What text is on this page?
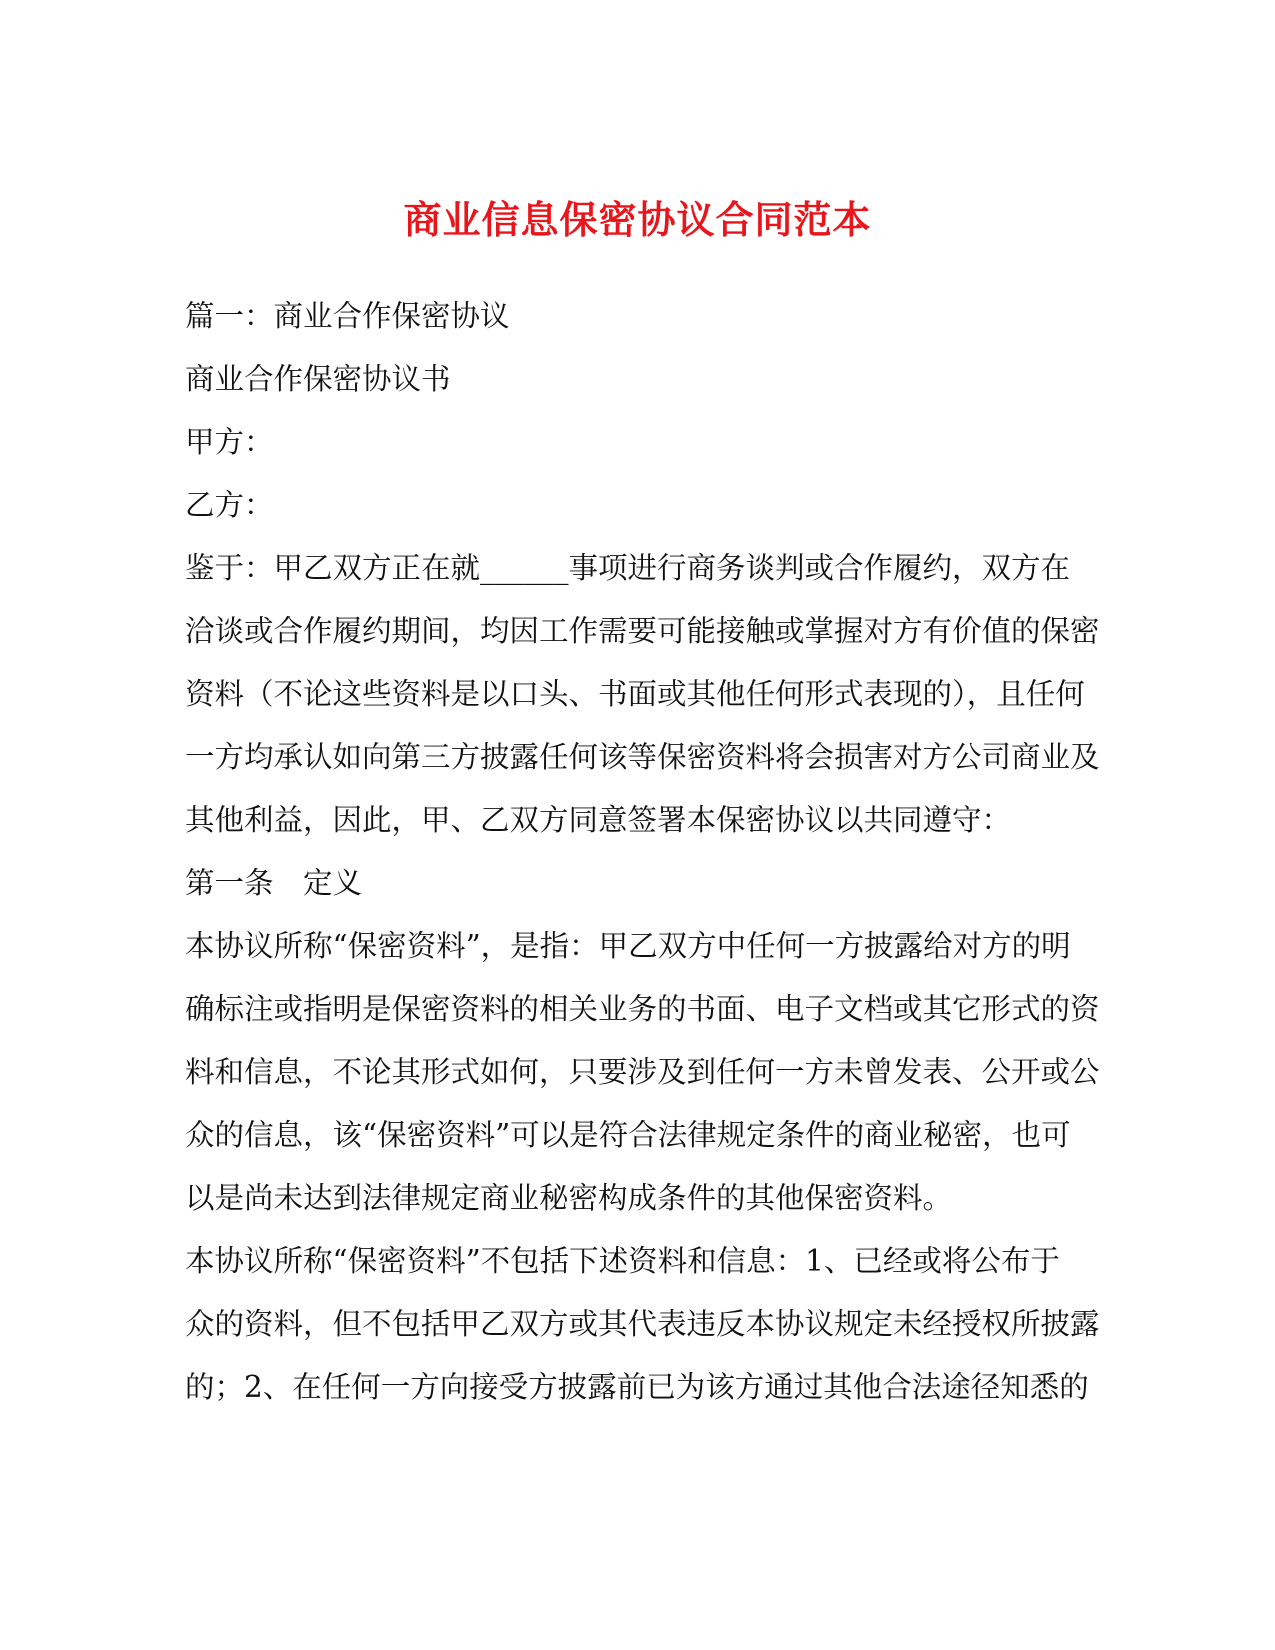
商业信息保密协议合同范本

篇一：商业合作保密协议

商业合作保密协议书

甲方：

乙方：

鉴于：甲乙双方正在就______事项进行商务谈判或合作履约，双方在

洽谈或合作履约期间，均因工作需要可能接触或掌握对方有价值的保密

资料（不论这些资料是以口头、书面或其他任何形式表现的），且任何

一方均承认如向第三方披露任何该等保密资料将会损害对方公司商业及

其他利益，因此，甲、乙双方同意签署本保密协议以共同遵守：

第一条　定义

本协议所称“保密资料”，是指：甲乙双方中任何一方披露给对方的明

确标注或指明是保密资料的相关业务的书面、电子文档或其它形式的资

料和信息，不论其形式如何，只要涉及到任何一方未曾发表、公开或公

众的信息，该“保密资料”可以是符合法律规定条件的商业秘密，也可

以是尚未达到法律规定商业秘密构成条件的其他保密资料。

本协议所称“保密资料”不包括下述资料和信息：1、已经或将公布于

众的资料，但不包括甲乙双方或其代表违反本协议规定未经授权所披露

的；2、在任何一方向接受方披露前已为该方通过其他合法途径知悉的
